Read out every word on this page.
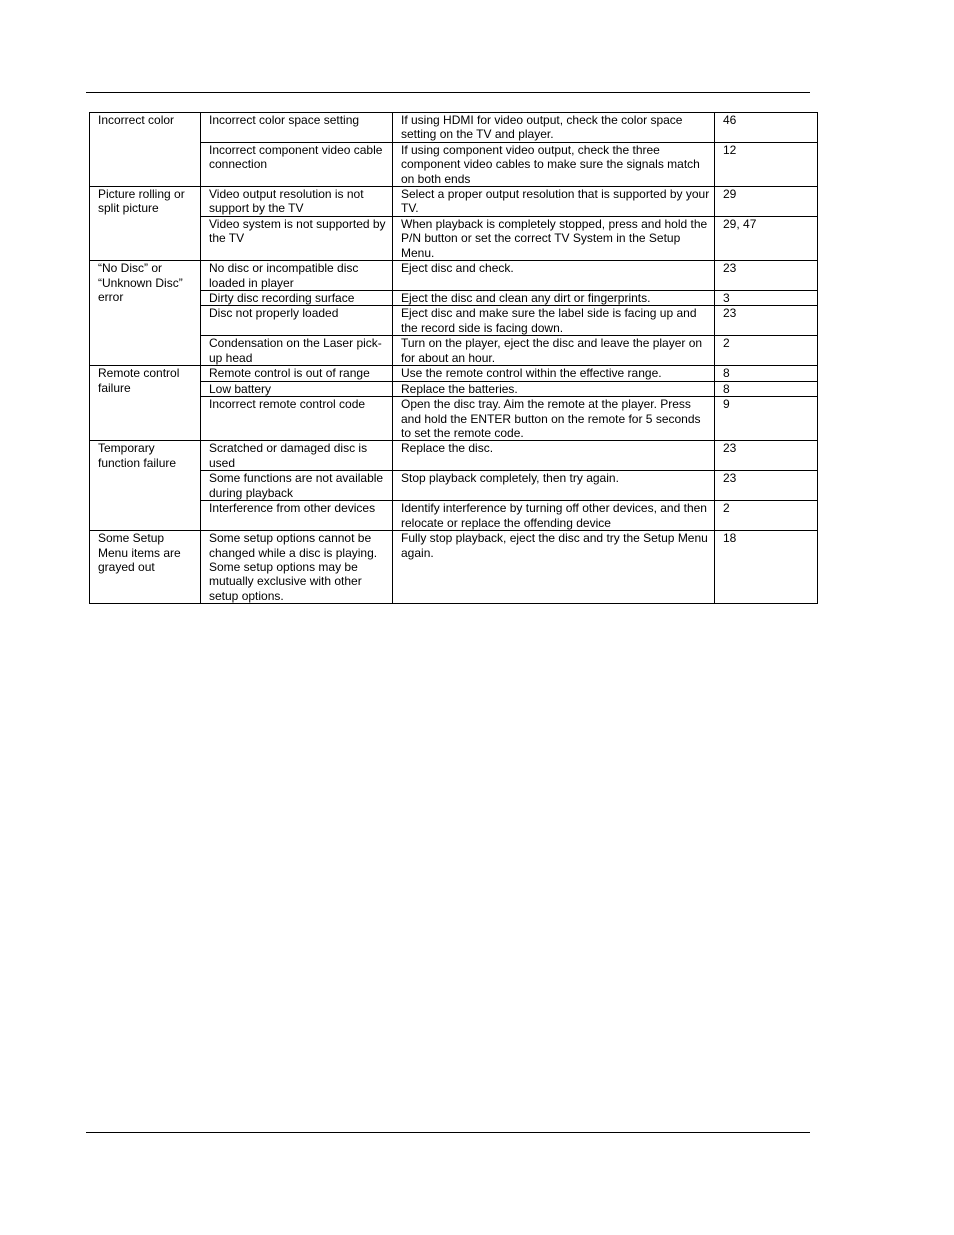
Incorrect color	Incorrect color space setting	If using HDMI for video output, check the color space setting on the TV and player.	46
	Incorrect component video cable connection	If using component video output, check the three component video cables to make sure the signals match on both ends	12
Picture rolling or split picture	Video output resolution is not support by the TV	Select a proper output resolution that is supported by your TV.	29
	Video system is not supported by the TV	When playback is completely stopped, press and hold the P/N button or set the correct TV System in the Setup Menu.	29, 47
“No Disc” or “Unknown Disc” error	No disc or incompatible disc loaded in player	Eject disc and check.	23
	Dirty disc recording surface	Eject the disc and clean any dirt or fingerprints.	3
	Disc not properly loaded	Eject disc and make sure the label side is facing up and the record side is facing down.	23
	Condensation on the Laser pick-up head	Turn on the player, eject the disc and leave the player on for about an hour.	2
Remote control failure	Remote control is out of range	Use the remote control within the effective range.	8
	Low battery	Replace the batteries.	8
	Incorrect remote control code	Open the disc tray. Aim the remote at the player. Press and hold the ENTER button on the remote for 5 seconds to set the remote code.	9
Temporary function failure	Scratched or damaged disc is used	Replace the disc.	23
	Some functions are not available during playback	Stop playback completely, then try again.	23
	Interference from other devices	Identify interference by turning off other devices, and then relocate or replace the offending device	2
Some Setup Menu items are grayed out	Some setup options cannot be changed while a disc is playing. Some setup options may be mutually exclusive with other setup options.	Fully stop playback, eject the disc and try the Setup Menu again.	18
